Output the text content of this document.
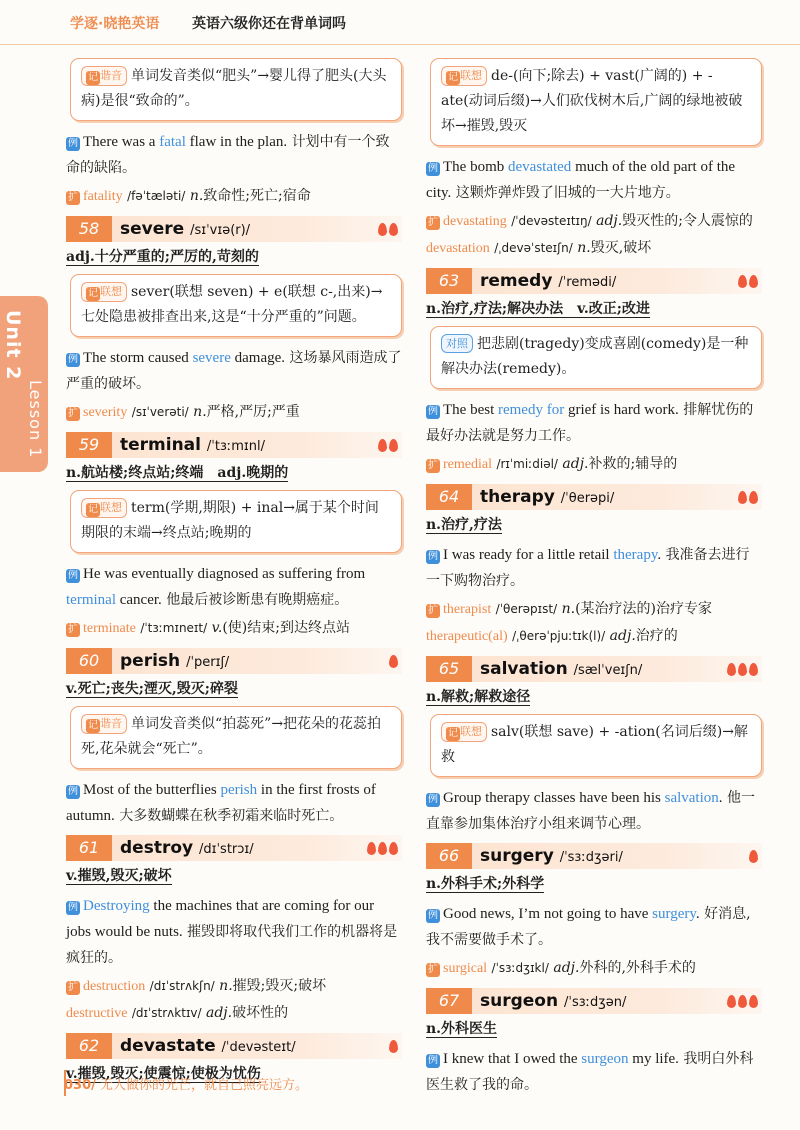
学逐·晓艳英语 英语六级你还在背单词吗
Unit 2
Lesson 1
记 谐音 单词发音类似“肥头”→婴儿得了肥头(大头病)是很“致命的”。
例 There was a fatal flaw in the plan. 计划中有一个致命的缺陷。
扩 fatality /fəˈtæləti/ n.致命性;死亡;宿命
58	severe /sɪˈvɪə(r)/
adj.十分严重的;严厉的,苛刻的
记 联想 sever(联想 seven) + e(联想 c-,出来)→七处隐患被排查出来,这是“十分严重的”问题。
例 The storm caused severe damage. 这场暴风雨造成了严重的破坏。
扩 severity /sɪˈverəti/ n.严格,严厉;严重
59	terminal /ˈtɜːmɪnl/
n.航站楼;终点站;终端　adj.晚期的
记 联想 term(学期,期限) + inal→属于某个时间期限的末端→终点站;晚期的
例 He was eventually diagnosed as suffering from terminal cancer. 他最后被诊断患有晚期癌症。
扩 terminate /ˈtɜːmɪneɪt/ v.(使)结束;到达终点站
60	perish /ˈperɪʃ/
v.死亡;丧失;湮灭,毁灭;碎裂
记 谐音 单词发音类似“拍蕊死”→把花朵的花蕊拍死,花朵就会“死亡”。
例 Most of the butterflies perish in the first frosts of autumn. 大多数蝴蝶在秋季初霜来临时死亡。
61	destroy /dɪˈstrɔɪ/
v.摧毁,毁灭;破坏
例 Destroying the machines that are coming for our jobs would be nuts. 摧毁即将取代我们工作的机器将是疯狂的。
扩 destruction /dɪˈstrʌkʃn/ n.摧毁;毁灭;破坏
destructive /dɪˈstrʌktɪv/ adj.破坏性的
62	devastate /ˈdevəsteɪt/
v.摧毁,毁灭;使震惊;使极为忧伤
记 联想 de-(向下;除去) + vast(广阔的) + -ate(动词后缀)→人们砍伐树木后,广阔的绿地被破坏→摧毁,毁灭
例 The bomb devastated much of the old part of the city. 这颗炸弹炸毁了旧城的一大片地方。
扩 devastating /ˈdevəsteɪtɪŋ/ adj.毁灭性的;令人震惊的
devastation /ˌdevəˈsteɪʃn/ n.毁灭,破坏
63	remedy /ˈremədi/
n.治疗,疗法;解决办法　v.改正;改进
对照 把悲剧(tragedy)变成喜剧(comedy)是一种解决办法(remedy)。
例 The best remedy for grief is hard work. 排解忧伤的最好办法就是努力工作。
扩 remedial /rɪˈmiːdiəl/ adj.补救的;辅导的
64	therapy /ˈθerəpi/
n.治疗,疗法
例 I was ready for a little retail therapy. 我准备去进行一下购物治疗。
扩 therapist /ˈθerəpɪst/ n.(某治疗法的)治疗专家
therapeutic(al) /ˌθerəˈpjuːtɪk(l)/ adj.治疗的
65	salvation /sælˈveɪʃn/
n.解救;解救途径
记 联想 salv(联想 save) + -ation(名词后缀)→解救
例 Group therapy classes have been his salvation. 他一直靠参加集体治疗小组来调节心理。
66	surgery /ˈsɜːdʒəri/
n.外科手术;外科学
例 Good news, I’m not going to have surgery. 好消息,我不需要做手术了。
扩 surgical /ˈsɜːdʒɪkl/ adj.外科的,外科手术的
67	surgeon /ˈsɜːdʒən/
n.外科医生
例 I knew that I owed the surgeon my life. 我明白外科医生救了我的命。
030/ 无人做你的光芒，就自己照亮远方。
